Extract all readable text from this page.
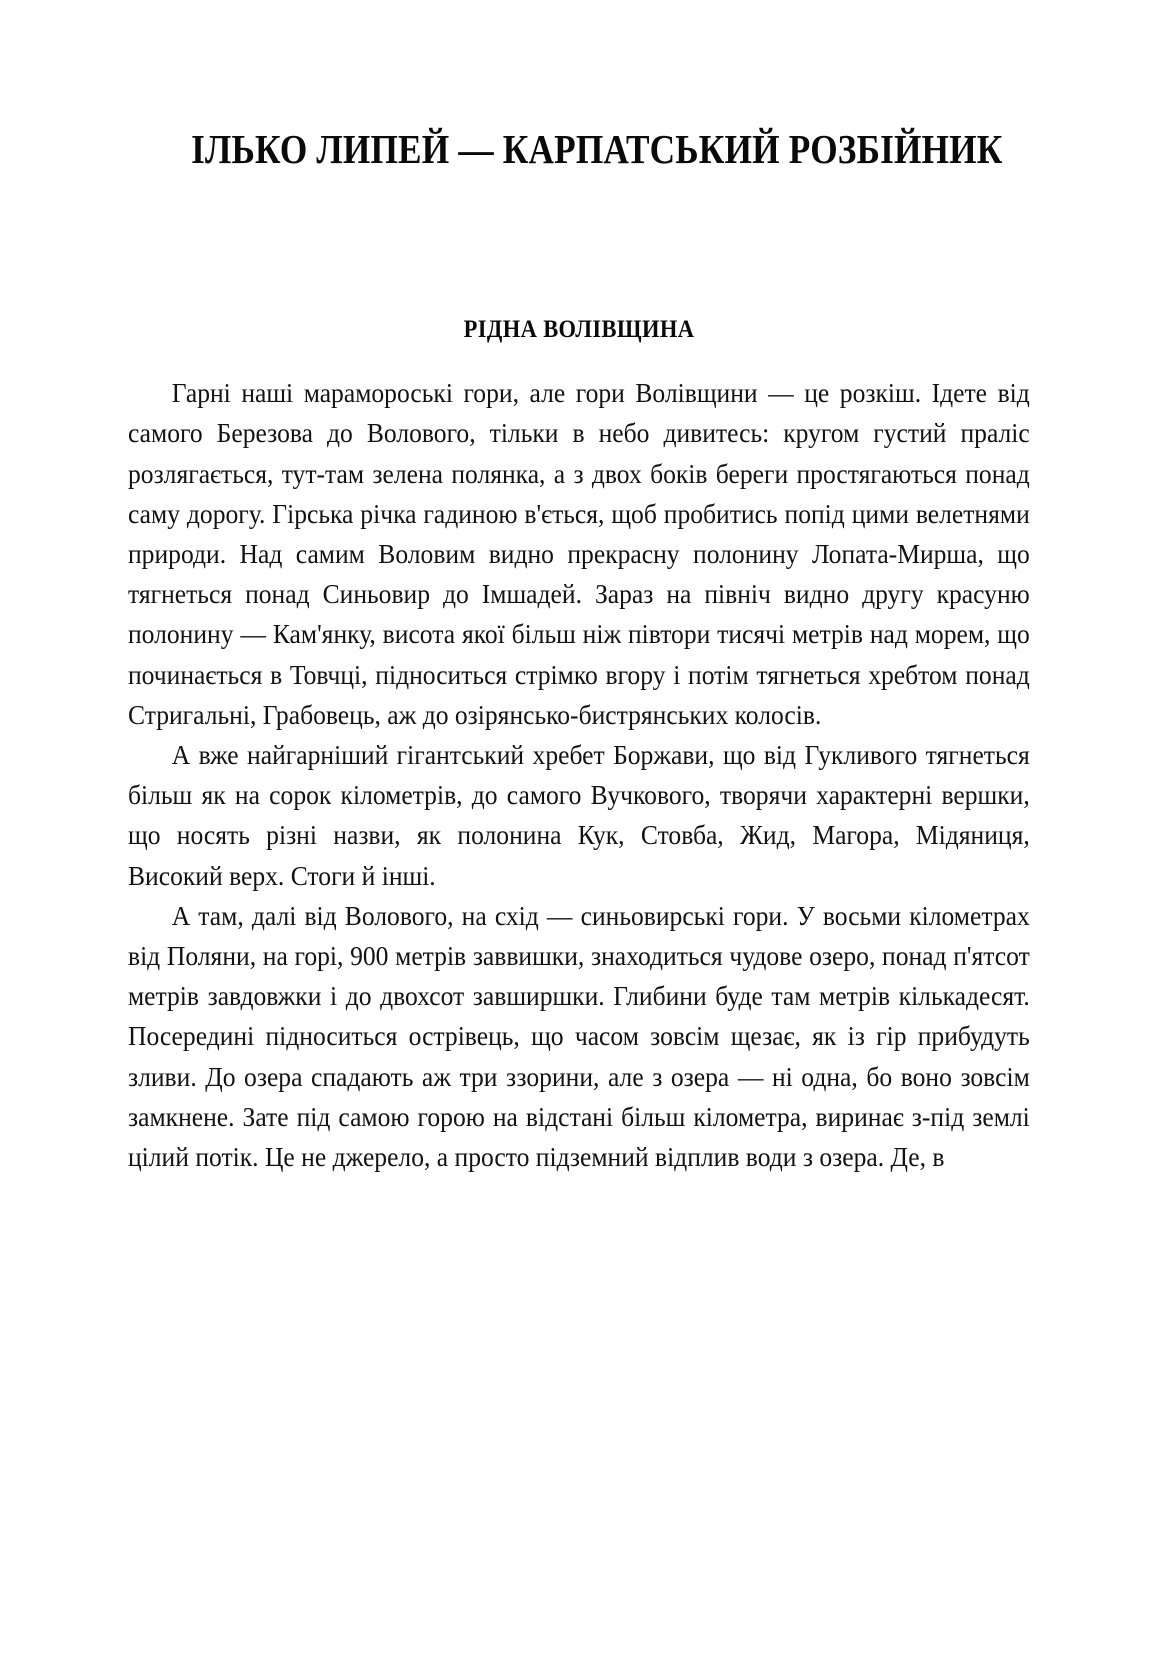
ІЛЬКО ЛИПЕЙ — КАРПАТСЬКИЙ РОЗБІЙНИК
РІДНА ВОЛІВЩИНА

Гарні наші марамороські гори, але гори Волівщини — це розкіш. Ідете від самого Березова до Волового, тільки в небо дивитесь: кругом густий праліс розлягається, тут-там зелена полянка, а з двох боків береги простягаються понад саму дорогу. Гірська річка гадиною в'ється, щоб пробитись попід цими велетнями природи. Над самим Воловим видно прекрасну полонину Лопата-Мирша, що тягнеться понад Синьовир до Імшадей. Зараз на північ видно другу красуню полонину — Кам'янку, висота якої більш ніж півтори тисячі метрів над морем, що починається в Товчці, підноситься стрімко вгору і потім тягнеться хребтом понад Стригальні, Грабовець, аж до озірянсько-бистрянських колосів.

А вже найгарніший гігантський хребет Боржави, що від Гукливого тягнеться більш як на сорок кілометрів, до самого Вучкового, творячи характерні вершки, що носять різні назви, як полонина Кук, Стовба, Жид, Магора, Мідяниця, Високий верх. Стоги й інші.

А там, далі від Волового, на схід — синьовирські гори. У восьми кілометрах від Поляни, на горі, 900 метрів заввишки, знаходиться чудове озеро, понад п'ятсот метрів завдовжки і до двохсот завширшки. Глибини буде там метрів кількадесят. Посередині підноситься острівець, що часом зовсім щезає, як із гір прибудуть зливи. До озера спадають аж три ззорини, але з озера — ні одна, бо воно зовсім замкнене. Зате під самою горою на відстані більш кілометра, виринає з-під землі цілий потік. Це не джерело, а просто підземний відплив води з озера. Де, в
